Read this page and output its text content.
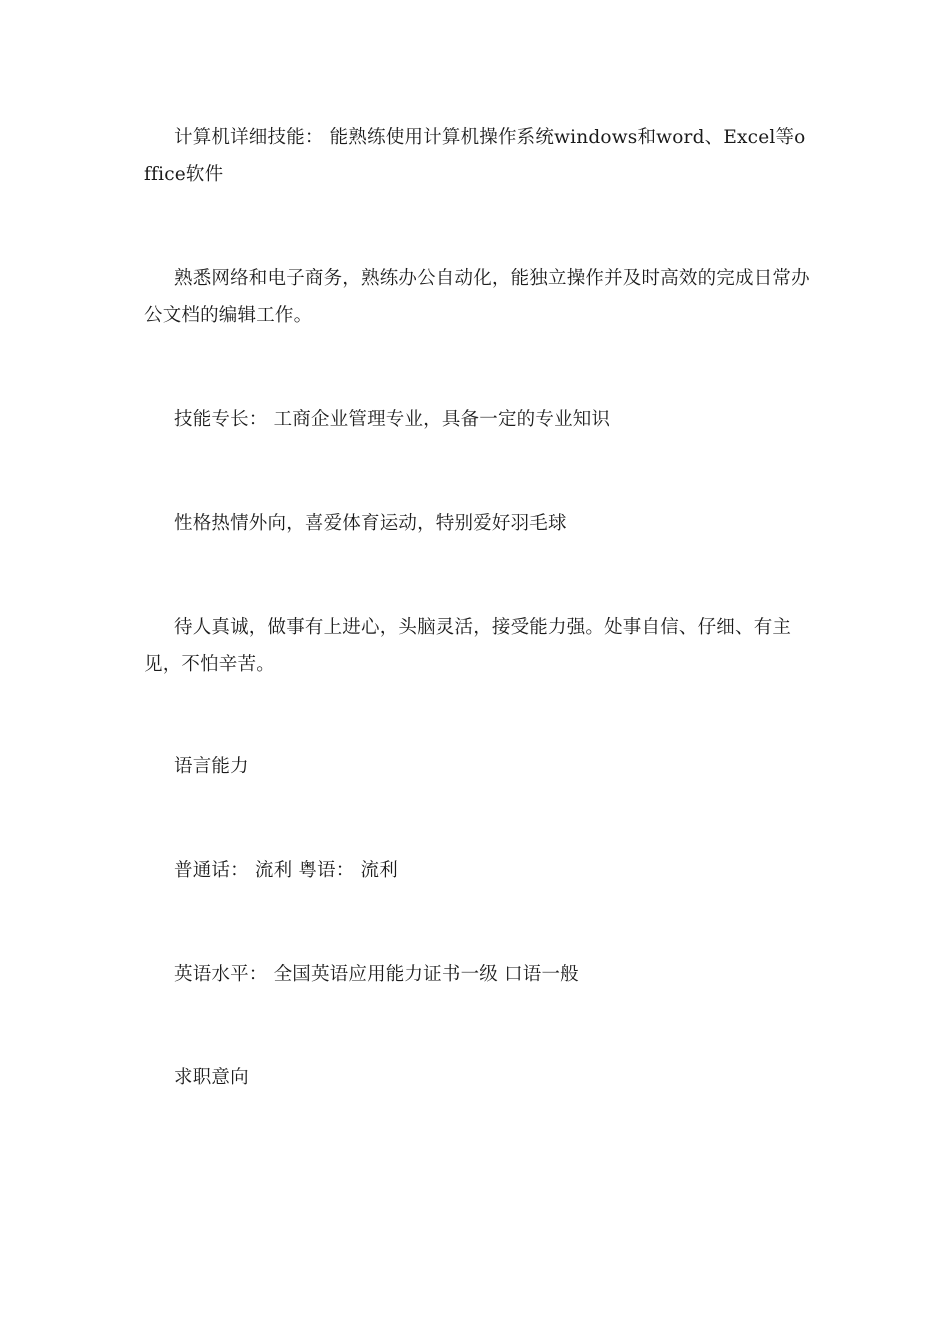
计算机详细技能： 能熟练使用计算机操作系统windows和word、Excel等office软件

熟悉网络和电子商务，熟练办公自动化，能独立操作并及时高效的完成日常办公文档的编辑工作。

技能专长： 工商企业管理专业，具备一定的专业知识

性格热情外向，喜爱体育运动，特别爱好羽毛球

待人真诚，做事有上进心，头脑灵活，接受能力强。处事自信、仔细、有主见，不怕辛苦。

语言能力

普通话： 流利 粤语： 流利

英语水平： 全国英语应用能力证书一级 口语一般

求职意向
